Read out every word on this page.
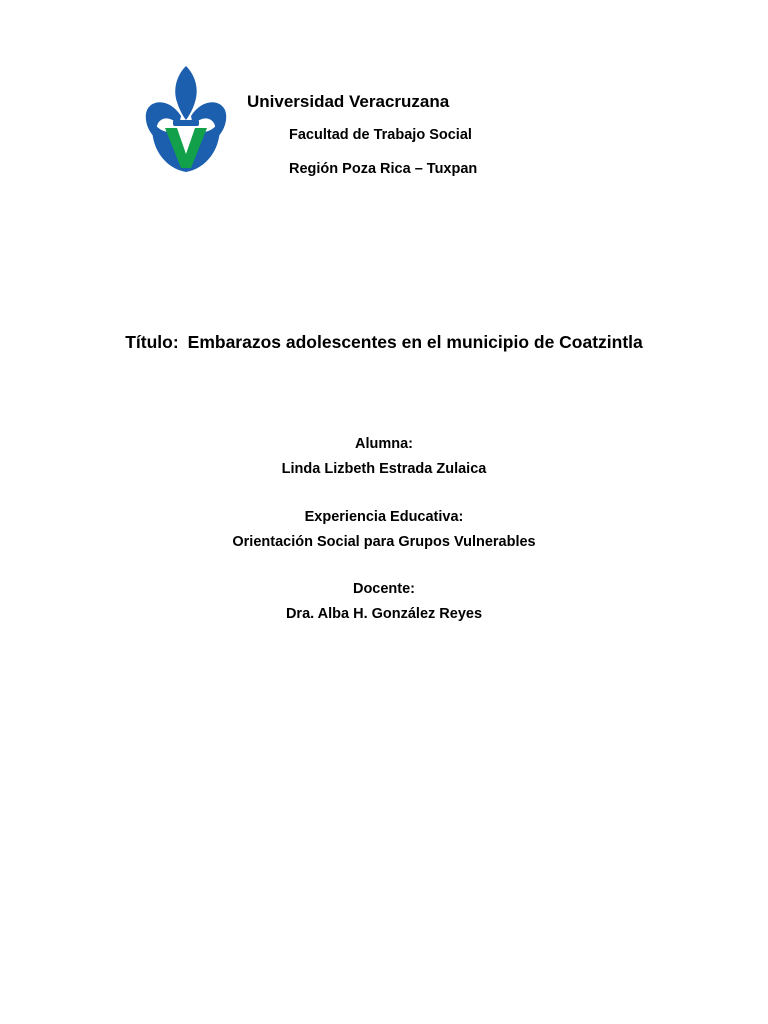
Universidad Veracruzana
Facultad de Trabajo Social
Región Poza Rica – Tuxpan
Título: Embarazos adolescentes en el municipio de Coatzintla
Alumna:
Linda Lizbeth Estrada Zulaica
Experiencia Educativa:
Orientación Social para Grupos Vulnerables
Docente:
Dra. Alba H. González Reyes
